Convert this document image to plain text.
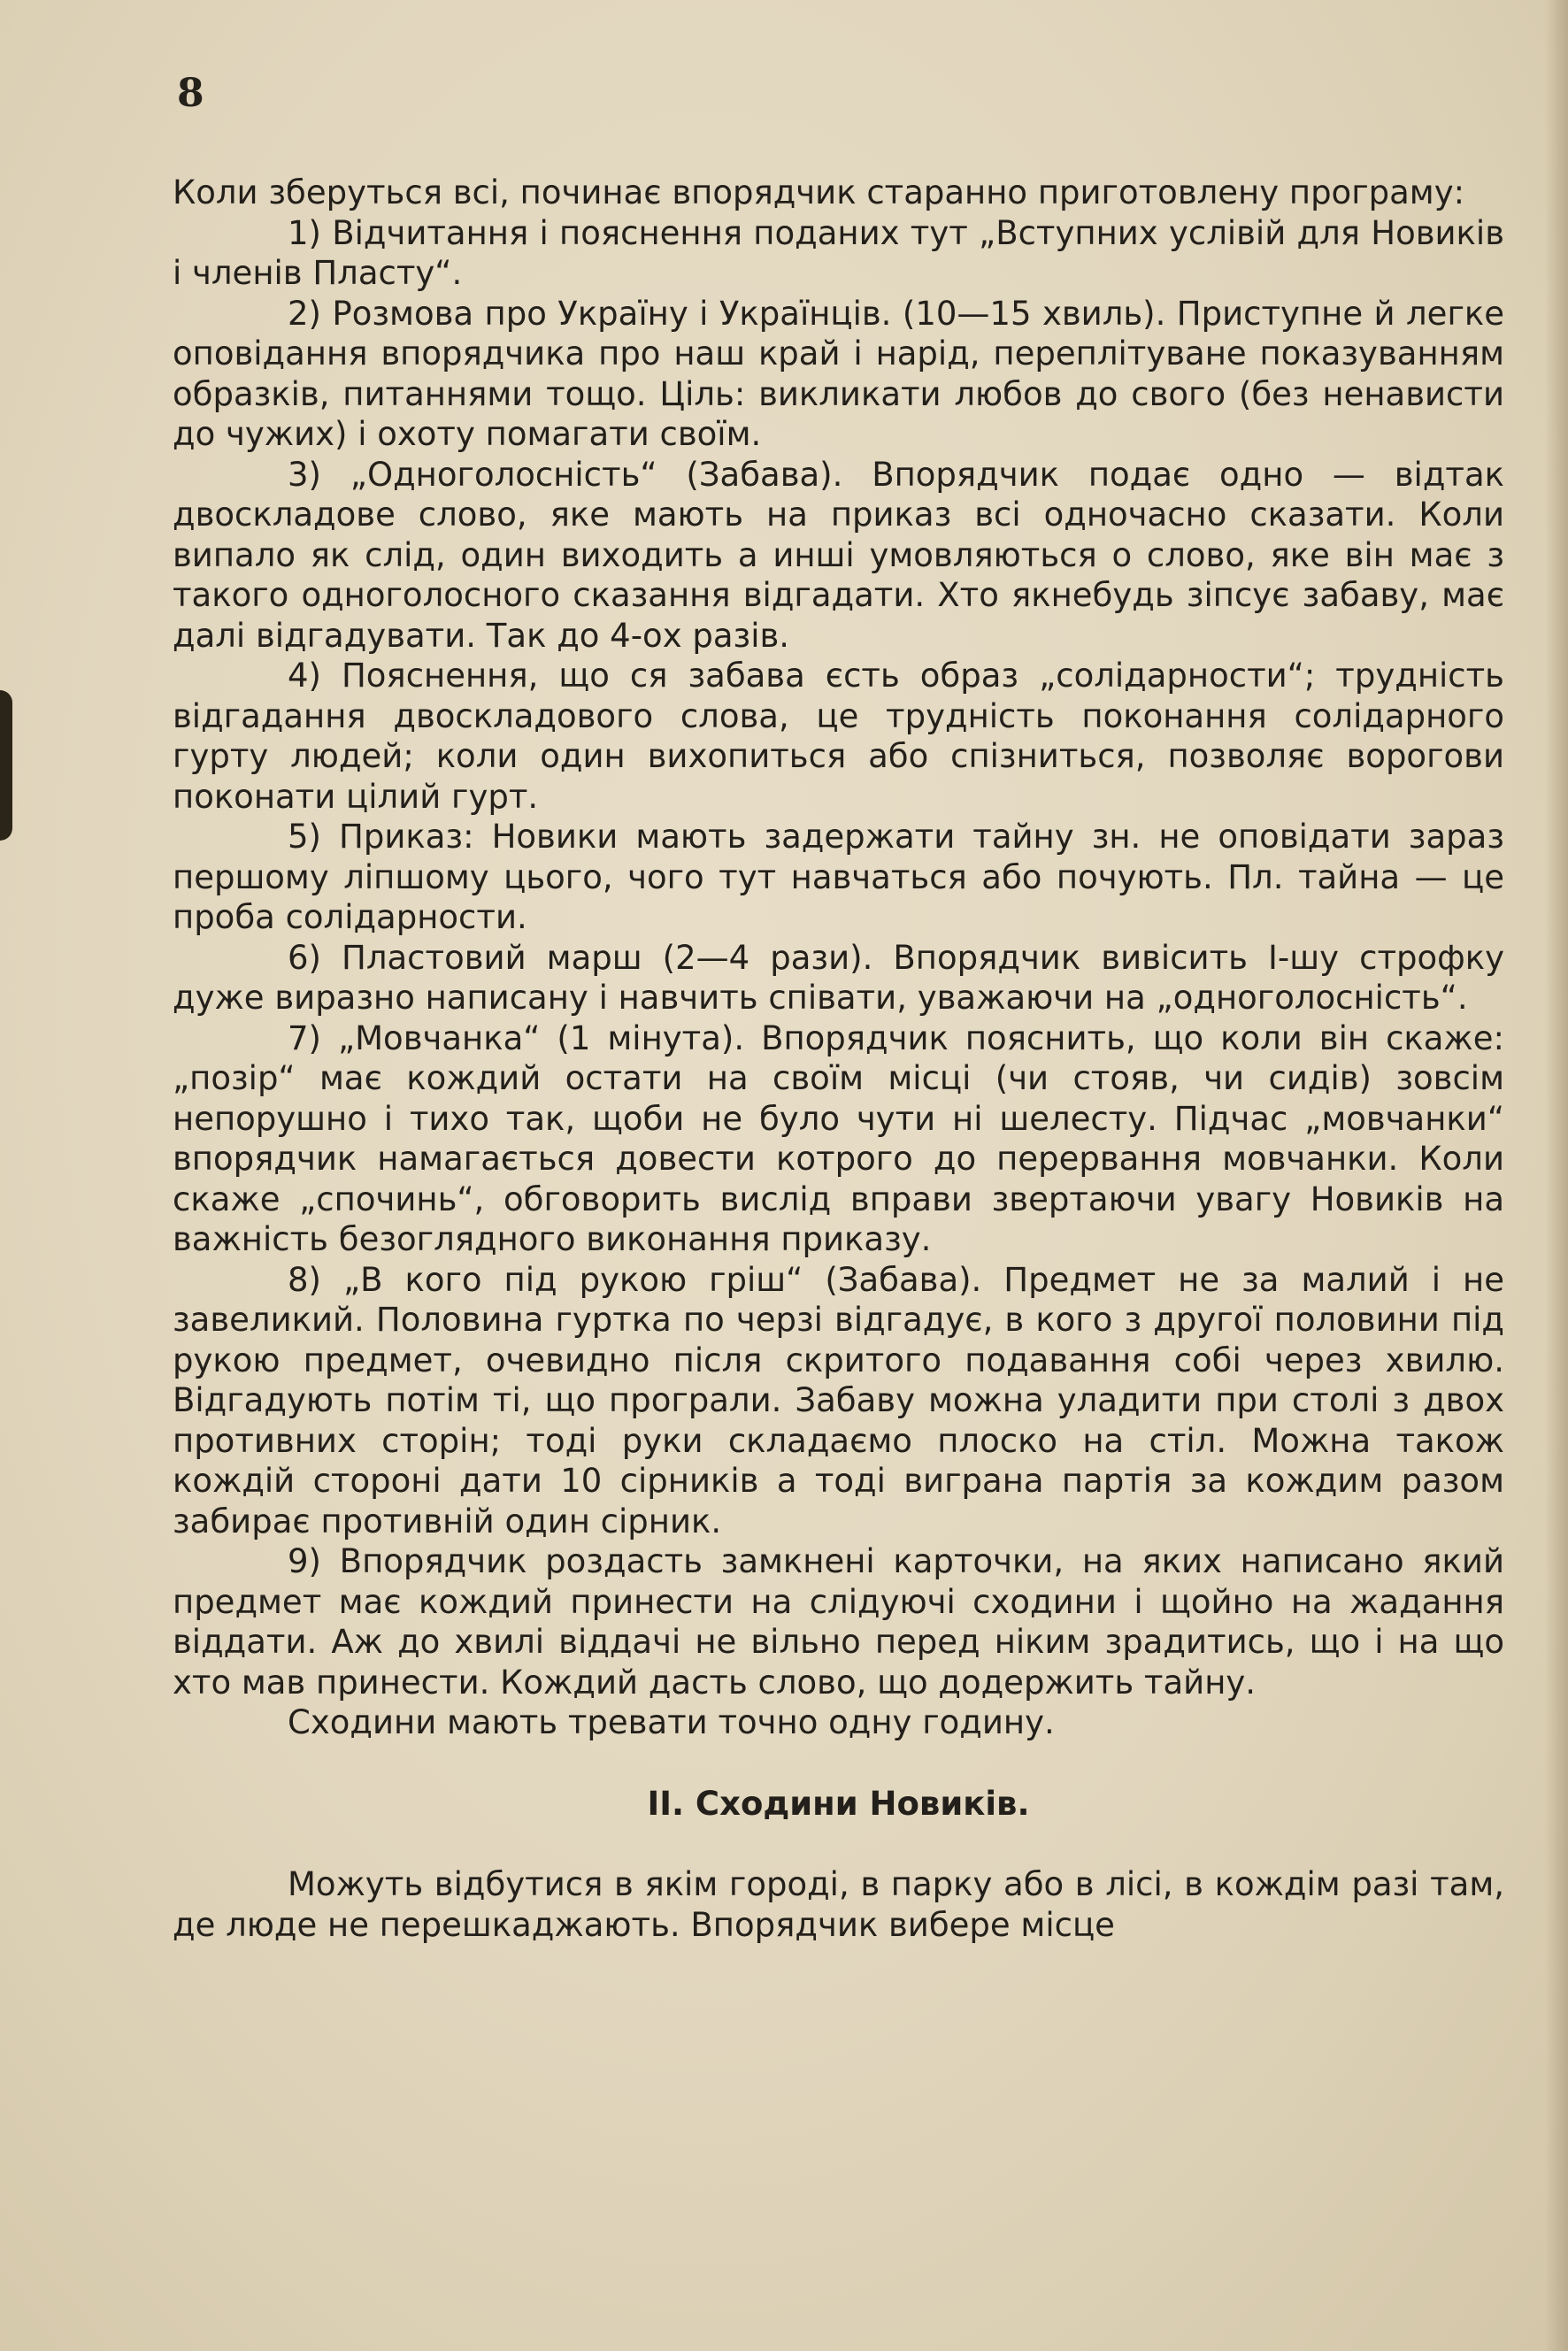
8

Коли зберуться всі, починає впорядчик старанно приготовлену програму:

1) Відчитання і пояснення поданих тут „Вступних услівій для Новиків і членів Пласту“.

2) Розмова про Україну і Українців. (10—15 хвиль). Приступне й легке оповідання впорядчика про наш край і нарід, переплітуване показуванням образків, питаннями тощо. Ціль: викликати любов до свого (без ненависти до чужих) і охоту помагати своїм.

3) „Одноголосність“ (Забава). Впорядчик подає одно — відтак двоскладове слово, яке мають на приказ всі одночасно сказати. Коли випало як слід, один виходить а инші умовляються о слово, яке він має з такого одноголосного сказання відгадати. Хто якнебудь зіпсує забаву, має далі відгадувати. Так до 4-ох разів.

4) Пояснення, що ся забава єсть образ „солідарности“; трудність відгадання двоскладового слова, це трудність поконання солідарного гурту людей; коли один вихопиться або спізниться, позволяє ворогови поконати цілий гурт.

5) Приказ: Новики мають задержати тайну зн. не оповідати зараз першому ліпшому цього, чого тут навчаться або почують. Пл. тайна — це проба солідарности.

6) Пластовий марш (2—4 рази). Впорядчик вивісить І-шу строфку дуже виразно написану і навчить співати, уважаючи на „одноголосність“.

7) „Мовчанка“ (1 мінута). Впорядчик пояснить, що коли він скаже: „позір“ має кождий остати на своїм місці (чи стояв, чи сидів) зовсім непорушно і тихо так, щоби не було чути ні шелесту. Підчас „мовчанки“ впорядчик намагається довести котрого до перервання мовчанки. Коли скаже „спочинь“, обговорить вислід вправи звертаючи увагу Новиків на важність безоглядного виконання приказу.

8) „В кого під рукою гріш“ (Забава). Предмет не за малий і не завеликий. Половина гуртка по черзі відгадує, в кого з другої половини під рукою предмет, очевидно після скритого подавання собі через хвилю. Відгадують потім ті, що програли. Забаву можна уладити при столі з двох противних сторін; тоді руки складаємо плоско на стіл. Можна також кождій стороні дати 10 сірників а тоді виграна партія за кождим разом забирає противній один сірник.

9) Впорядчик роздасть замкнені карточки, на яких написано який предмет має кождий принести на слідуючі сходини і щойно на жадання віддати. Аж до хвилі віддачі не вільно перед ніким зрадитись, що і на що хто мав принести. Кождий дасть слово, що додержить тайну.

Сходини мають тревати точно одну годину.

II. Сходини Новиків.

Можуть відбутися в якім городі, в парку або в лісі, в кождім разі там, де люде не перешкаджають. Впорядчик вибере місце
